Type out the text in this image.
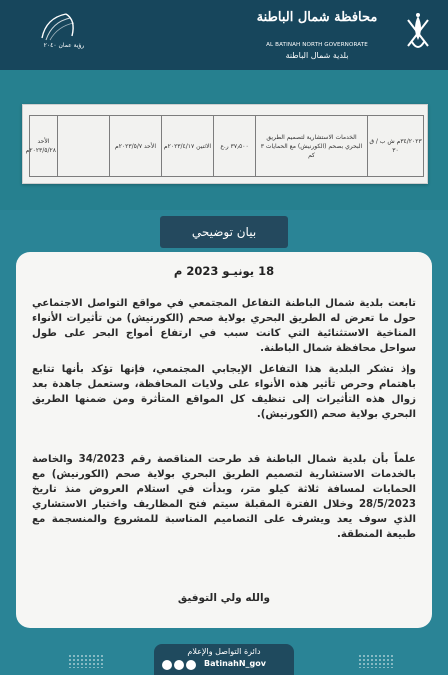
رؤية عمان ٢٠٤٠
محافظة شمال الباطنة
AL BATINAH NORTH GOVERNORATE
بلدية شمال الباطنة
٣٤/٢٠٢٣م ش ب / ق ٣٠	الخدمات الاستشارية لتصميم الطريق البحري بصحم (الكورنيش) مع الحمايات ٣ كم	٣٧٫٥٠٠ ر.ع	الاثنين ٢٠٢٣/٤/١٧م	الأحد ٢٠٢٣/٥/٧م		الأحد ٢٠٢٣/٥/٢٨م
بيان توضيحي
18 يونيـو 2023 م

تابعت بلدية شمال الباطنة التفاعل المجتمعي في مواقع التواصل الاجتماعي حول ما تعرض له الطريق البحري بولاية صحم (الكورنيش) من تأثيرات الأنواء المناخية الاستثنائية التي كانت سبب في ارتفاع أمواج البحر على طول سواحل محافظة شمال الباطنة.

وإذ تشكر البلدية هذا التفاعل الإيجابي المجتمعي، فإنها تؤكد بأنها تتابع باهتمام وحرص تأثير هذه الأنواء على ولايات المحافظة، وستعمل جاهدة بعد زوال هذه التأثيرات إلى تنظيف كل المواقع المتأثرة ومن ضمنها الطريق البحري بولاية صحم (الكورنيش).

علماً بأن بلدية شمال الباطنة قد طرحت المناقصة رقم 34/2023 والخاصة بالخدمات الاستشارية لتصميم الطريق البحري بولاية صحم (الكورنيش) مع الحمايات لمسافة ثلاثة كيلو متر، وبدأت في استلام العروض منذ تاريخ 28/5/2023 وخلال الفترة المقبلة سيتم فتح المظاريف واختيار الاستشاري الذي سوف يعد ويشرف على التصاميم المناسبة للمشروع والمنسجمة مع طبيعة المنطقة.

والله ولي التوفيق
دائرة التواصل والإعلام
BatinahN_gov
